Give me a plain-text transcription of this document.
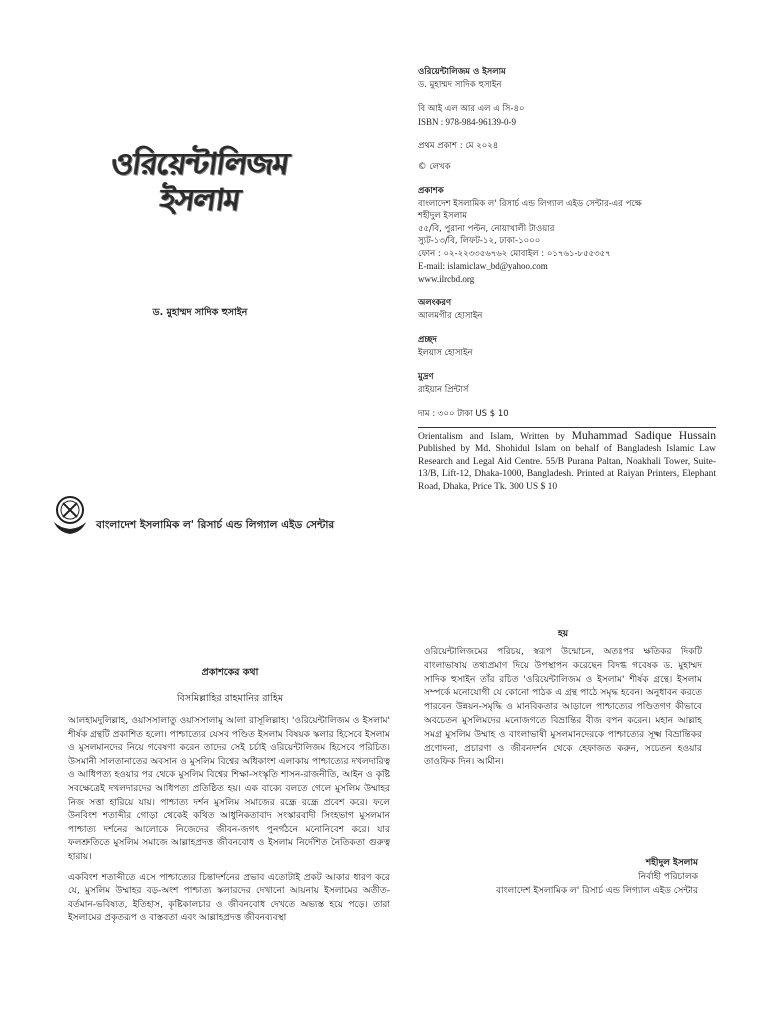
ওরিয়েন্টালিজম
ইসলাম
ড. মুহাম্মদ সাদিক হুসাইন
বাংলাদেশ ইসলামিক ল' রিসার্চ এন্ড লিগ্যাল এইড সেন্টার
ওরিয়েন্টালিজম ও ইসলাম
ড. মুহাম্মদ সাদিক হুসাইন
বি আই এল আর এল এ সি-৪০
ISBN : 978-984-96139-0-9
প্রথম প্রকাশ : মে ২০২৪
© লেখক
প্রকাশক
বাংলাদেশ ইসলামিক ল' রিসার্চ এন্ড লিগ্যাল এইড সেন্টার-এর পক্ষে
শহীদুল ইসলাম
৫৫/বি, পুরানা পল্টন, নোয়াখালী টাওয়ার
স্যুট-১৩/বি, লিফট-১২, ঢাকা-১০০০
ফোন : ০২-২২৩৩৫৬৭৬২ মোবাইল : ০১৭৬১-৮৫৫৩৫৭
E-mail: islamiclaw_bd@yahoo.com
www.ilrcbd.org
অলংকরণ
আলমগীর হোসাইন
প্রচ্ছদ
ইলয়াস হোসাইন
মুদ্রণ
রাইয়ান প্রিন্টার্স
দাম : ৩০০ টাকা US $ 10
Orientalism and Islam, Written by Muhammad Sadique Hussain Published by Md. Shohidul Islam on behalf of Bangladesh Islamic Law Research and Legal Aid Centre. 55/B Purana Paltan, Noakhali Tower, Suite-13/B, Lift-12, Dhaka-1000, Bangladesh. Printed at Raiyan Printers, Elephant Road, Dhaka, Price Tk. 300 US $ 10
প্রকাশকের কথা
বিসমিল্লাহির রাহমানির রাহিম

আলহামদুলিল্লাহ, ওয়াসসালাতু ওয়াসসালামু আলা রাসূলিল্লাহ। 'ওরিয়েন্টালিজম ও ইসলাম' শীর্ষক গ্রন্থটি প্রকাশিত হলো। পাশ্চাত্যের যেসব পণ্ডিত ইসলাম বিষয়ক স্কলার হিসেবে ইসলাম ও মুসলমানদের নিয়ে গবেষণা করেন তাদের সেই চর্চাই ওরিয়েন্টালিজম হিসেবে পরিচিত। উসমানী সালতানাতের অবসান ও মুসলিম বিশ্বের অধিকাংশ এলাকায় পাশ্চাত্যের দখলদারিত্ব ও আধিপত্য হওয়ার পর থেকে মুসলিম বিশ্বের শিক্ষা-সংস্কৃতি শাসন-রাজনীতি, আইন ও কৃষ্টি সবক্ষেত্রেই দখলদারদের আধিপত্য প্রতিষ্ঠিত হয়। এক বাক্যে বলতে গেলে মুসলিম উম্মাহর নিজ সত্তা হারিয়ে যায়। পাশ্চাত্য দর্শন মুসলিম সমাজের রন্ধ্রে রন্ধ্রে প্রবেশ করে। ফলে উনবিংশ শতাব্দীর গোড়া থেকেই কথিত আধুনিকতাবাদ সংস্কারবাদী সিংহভাগ মুসলমান পাশ্চাত্য দর্শনের আলোকে নিজেদের জীবন-জগৎ পুনর্গঠনে মনোনিবেশ করে। যার ফলশ্রুতিতে মুসলিম সমাজে আল্লাহপ্রদত্ত জীবনবোধ ও ইসলাম নির্দেশিত নৈতিকতা গুরুত্ব হারায়।

একবিংশ শতাব্দীতে এসে পাশ্চাত্যের চিন্তাদর্শনের প্রভাব এতোটাই প্রকট আকার ধারণ করে যে, মুসলিম উম্মাহর বড়-অংশ পাশ্চাত্য স্কলারদের দেখানো আয়নায় ইসলামের অতীত-বর্তমান-ভবিষ্যত, ইতিহাস, কৃষ্টিকালচার ও জীবনবোধ দেখতে অভ্যস্ত হয়ে পড়ে। তারা ইসলামের প্রকৃতরূপ ও বাস্তবতা এবং আল্লাহপ্রদত্ত জীবনব্যবস্থা

হয়
ওরিয়েন্টালিজমের পরিচয়, স্বরূপ উন্মোচন, অতঃপর ক্ষতিকর দিকটি বাংলাভাষায় তথ্যপ্রমাণ দিয়ে উপস্থাপন করেছেন বিদগ্ধ গবেষক ড. মুহাম্মদ সাদিক হুসাইন তাঁর রচিত 'ওরিয়েন্টালিজম ও ইসলাম' শীর্ষক গ্রন্থে। ইসলাম সম্পর্কে মনোযোগী যে কোনো পাঠক এ গ্রন্থ পাঠে সমৃদ্ধ হবেন। অনুধাবন করতে পারবেন উন্নয়ন-সমৃদ্ধি ও মানবিকতার আড়ালে পাশ্চাত্যের পণ্ডিতগণ কীভাবে অবচেতন মুসলিমদের মনোজগতে বিভ্রান্তির বীজ বপন করেন। মহান আল্লাহ সমগ্র মুসলিম উম্মাহ ও বাংলাভাষী মুসলমানদেরকে পাশ্চাত্যের সূক্ষ্ম বিভ্রান্তিকর প্রণোদনা, প্রচারণা ও জীবনদর্শন থেকে হেফাজত করুন, সচেতন হওয়ার তাওফিক দিন। আমীন।
শহীদুল ইসলাম
নির্বাহী পরিচালক
বাংলাদেশ ইসলামিক ল' রিসার্চ এন্ড লিগ্যাল এইড সেন্টার
